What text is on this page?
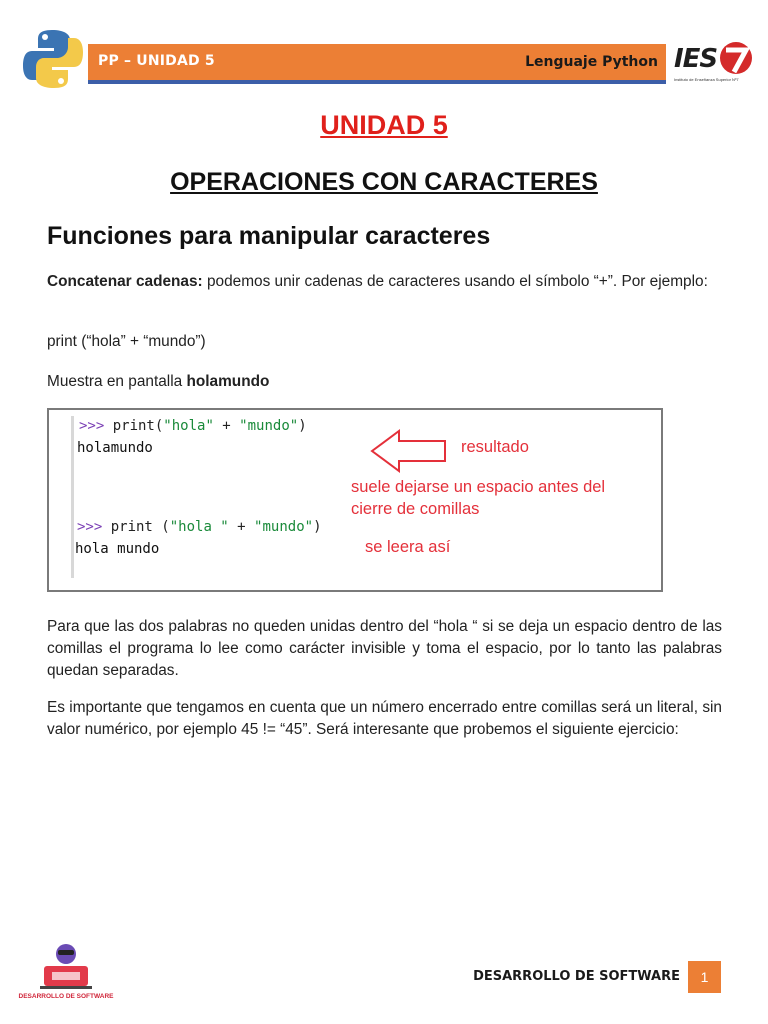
PP – UNIDAD 5	Lenguaje Python IES
Instituto de Enseñanza Superior Nº7
UNIDAD 5
OPERACIONES CON CARACTERES
Funciones para manipular caracteres
Concatenar cadenas: podemos unir cadenas de caracteres usando el símbolo “+”. Por ejemplo:
print (“hola” + “mundo”)
Muestra en pantalla holamundo
>>> print("hola" + "mundo")
holamundo
>>> print ("hola " + "mundo")
hola mundo
resultado
suele dejarse un espacio antes del
cierre de comillas
se leera así
Para que las dos palabras no queden unidas dentro del “hola “ si se deja un espacio dentro de las comillas el programa lo lee como carácter invisible y toma el espacio, por lo tanto las palabras quedan separadas.
Es importante que tengamos en cuenta que un número encerrado entre comillas será un literal, sin valor numérico, por ejemplo 45 != “45”. Será interesante que probemos el siguiente ejercicio:
DESARROLLO DE SOFTWARE
DESARROLLO DE SOFTWARE	1
